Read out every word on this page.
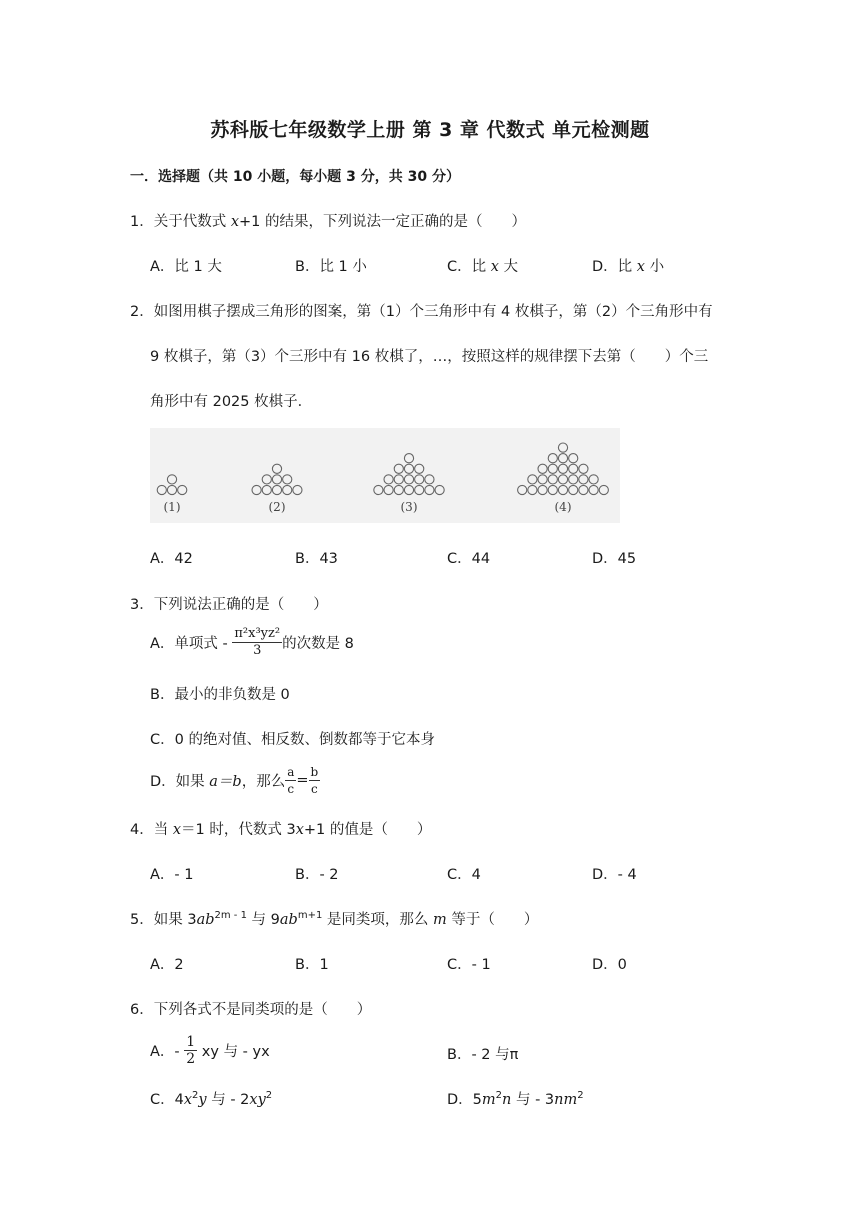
苏科版七年级数学上册 第 3 章 代数式 单元检测题
一．选择题（共 10 小题，每小题 3 分，共 30 分）
1．关于代数式 x+1 的结果，下列说法一定正确的是（　　）
A．比 1 大	B．比 1 小	C．比 x 大	D．比 x 小
2．如图用棋子摆成三角形的图案，第（1）个三角形中有 4 枚棋子，第（2）个三角形中有
9 枚棋子，第（3）个三形中有 16 枚棋了，…，按照这样的规律摆下去第（　　）个三
角形中有 2025 枚棋子．
(1)	(2)	(3)	(4)
A．42	B．43	C．44	D．45
3．下列说法正确的是（　　）
A．单项式 - $\frac{\text{π²x³yz²}}{3}$ 的次数是 8
B．最小的非负数是 0
C．0 的绝对值、相反数、倒数都等于它本身
D．如果 a＝b，那么 $\frac{a}{c} = \frac{b}{c}$
4．当 x＝1 时，代数式 3x+1 的值是（　　）
A．- 1	B．- 2	C．4	D．- 4
5．如果 $3ab^{2m - 1}$ 与 $9ab^{m+1}$ 是同类项，那么 m 等于（　　）
A．2	B．1	C．- 1	D．0
6．下列各式不是同类项的是（　　）
A．- $\frac{1}{2}$ xy 与 - yx	B．- 2 与π
C．$4x^2y$ 与 - $2xy^2$	D．$5m^2n$ 与 - $3nm^2$
